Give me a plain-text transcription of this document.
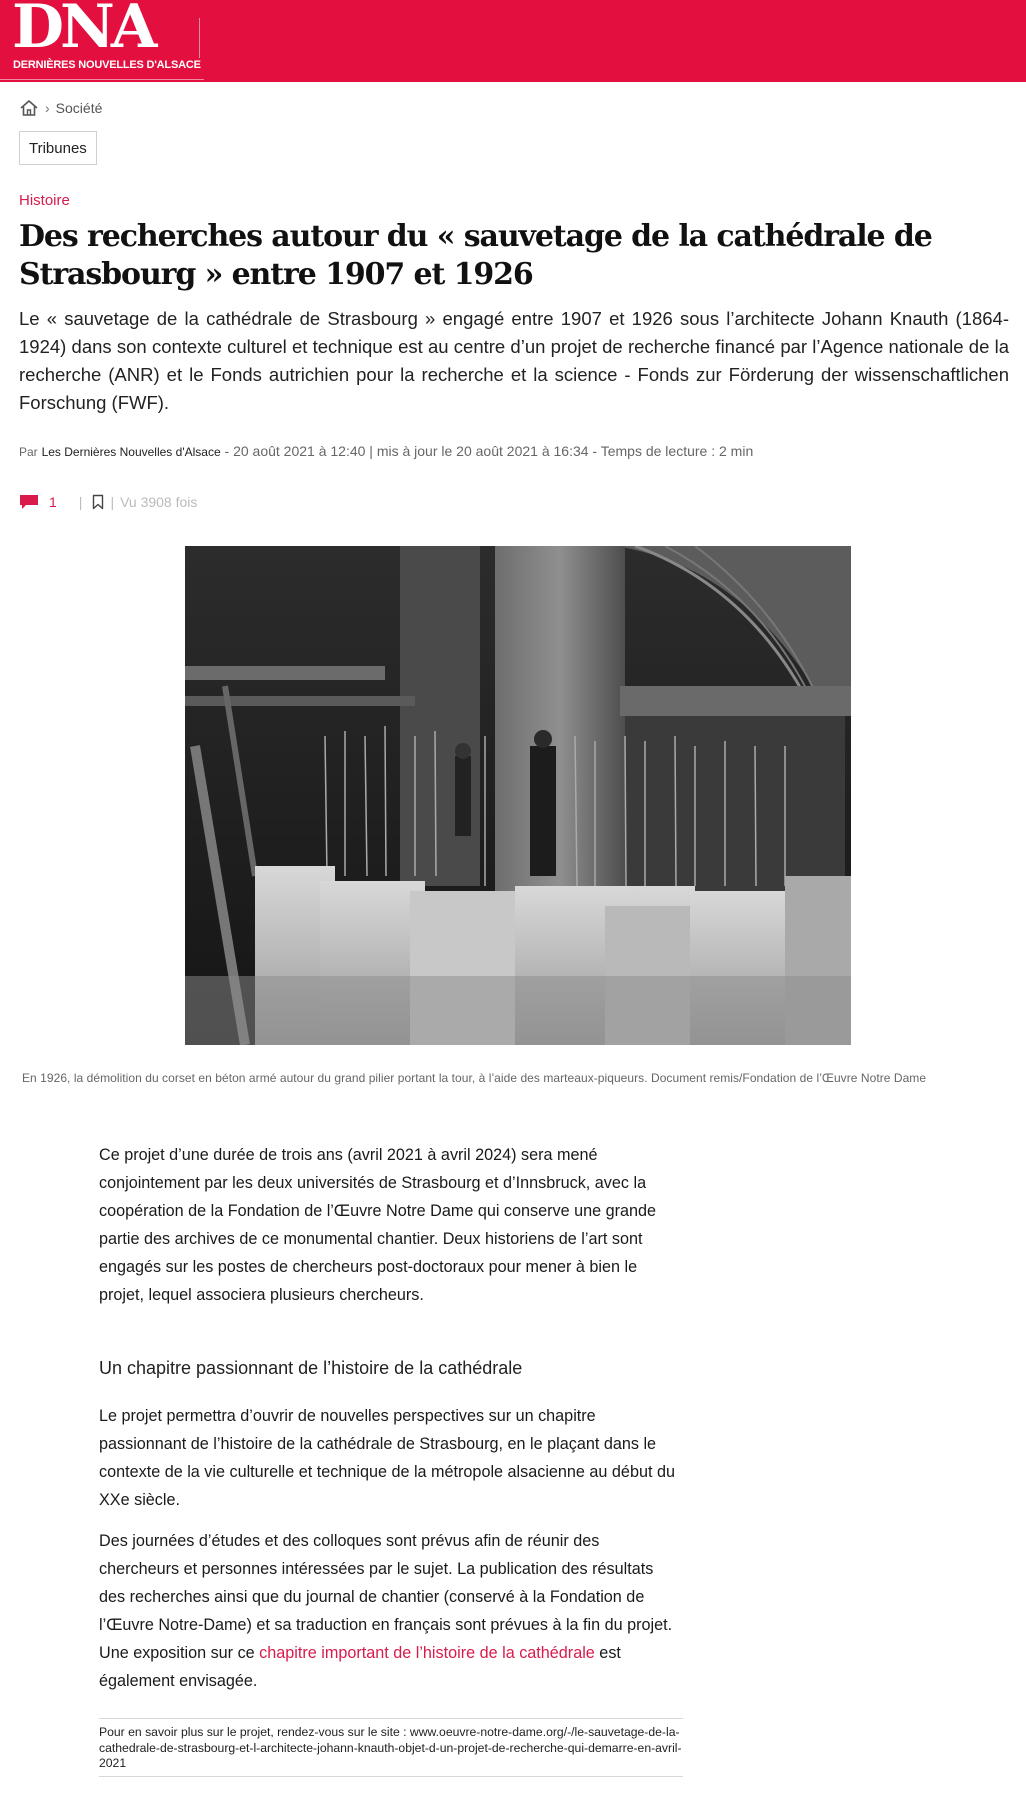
DNA
DERNIÈRES NOUVELLES D'ALSACE
› Société
Tribunes
Histoire
Des recherches autour du « sauvetage de la cathédrale de Strasbourg » entre 1907 et 1926

Le « sauvetage de la cathédrale de Strasbourg » engagé entre 1907 et 1926 sous l’architecte Johann Knauth (1864-1924) dans son contexte culturel et technique est au centre d’un projet de recherche financé par l’Agence nationale de la recherche (ANR) et le Fonds autrichien pour la recherche et la science - Fonds zur Förderung der wissenschaftlichen Forschung (FWF).

Par Les Dernières Nouvelles d'Alsace - 20 août 2021 à 12:40 | mis à jour le 20 août 2021 à 16:34 - Temps de lecture : 2 min
1 | | Vu 3908 fois
En 1926, la démolition du corset en béton armé autour du grand pilier portant la tour, à l’aide des marteaux-piqueurs. Document remis/Fondation de l’Œuvre Notre Dame

Ce projet d’une durée de trois ans (avril 2021 à avril 2024) sera mené conjointement par les deux universités de Strasbourg et d’Innsbruck, avec la coopération de la Fondation de l’Œuvre Notre Dame qui conserve une grande partie des archives de ce monumental chantier. Deux historiens de l’art sont engagés sur les postes de chercheurs post-doctoraux pour mener à bien le projet, lequel associera plusieurs chercheurs.

Un chapitre passionnant de l’histoire de la cathédrale

Le projet permettra d’ouvrir de nouvelles perspectives sur un chapitre passionnant de l’histoire de la cathédrale de Strasbourg, en le plaçant dans le contexte de la vie culturelle et technique de la métropole alsacienne au début du XXe siècle.

Des journées d’études et des colloques sont prévus afin de réunir des chercheurs et personnes intéressées par le sujet. La publication des résultats des recherches ainsi que du journal de chantier (conservé à la Fondation de l’Œuvre Notre-Dame) et sa traduction en français sont prévues à la fin du projet. Une exposition sur ce chapitre important de l’histoire de la cathédrale est également envisagée.

Pour en savoir plus sur le projet, rendez-vous sur le site : www.oeuvre-notre-dame.org/-/le-sauvetage-de-la-cathedrale-de-strasbourg-et-l-architecte-johann-knauth-objet-d-un-projet-de-recherche-qui-demarre-en-avril-2021
